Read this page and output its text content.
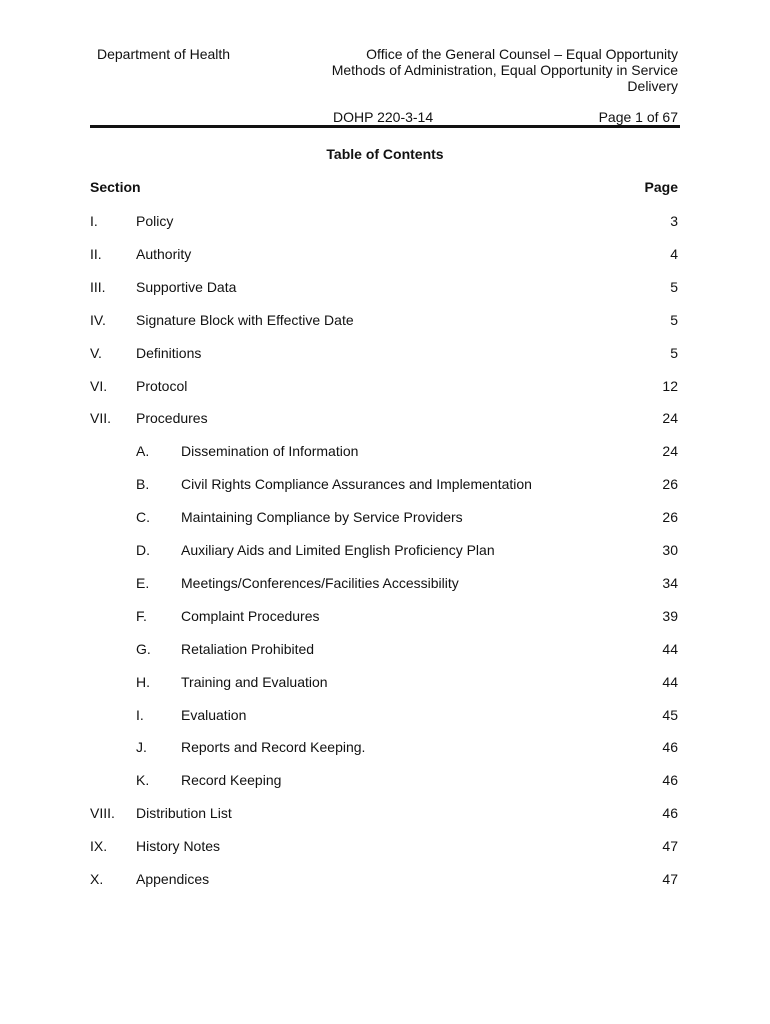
Department of Health	Office of the General Counsel – Equal Opportunity
Methods of Administration, Equal Opportunity in Service
Delivery
DOHP 220-3-14	Page 1 of 67
Table of Contents
Section	Page
I.	Policy	3
II. Authority	4
III. Supportive Data	5
IV. Signature Block with Effective Date	5
V. Definitions	5
VI. Protocol	12
VII. Procedures	24
A. Dissemination of Information	24
B. Civil Rights Compliance Assurances and Implementation	26
C. Maintaining Compliance by Service Providers	26
D. Auxiliary Aids and Limited English Proficiency Plan	30
E. Meetings/Conferences/Facilities Accessibility	34
F. Complaint Procedures	39
G. Retaliation Prohibited	44
H. Training and Evaluation	44
I.	Evaluation	45
J. Reports and Record Keeping.	46
K. Record Keeping	46
VIII. Distribution List	46
IX. History Notes	47
X. Appendices	47
